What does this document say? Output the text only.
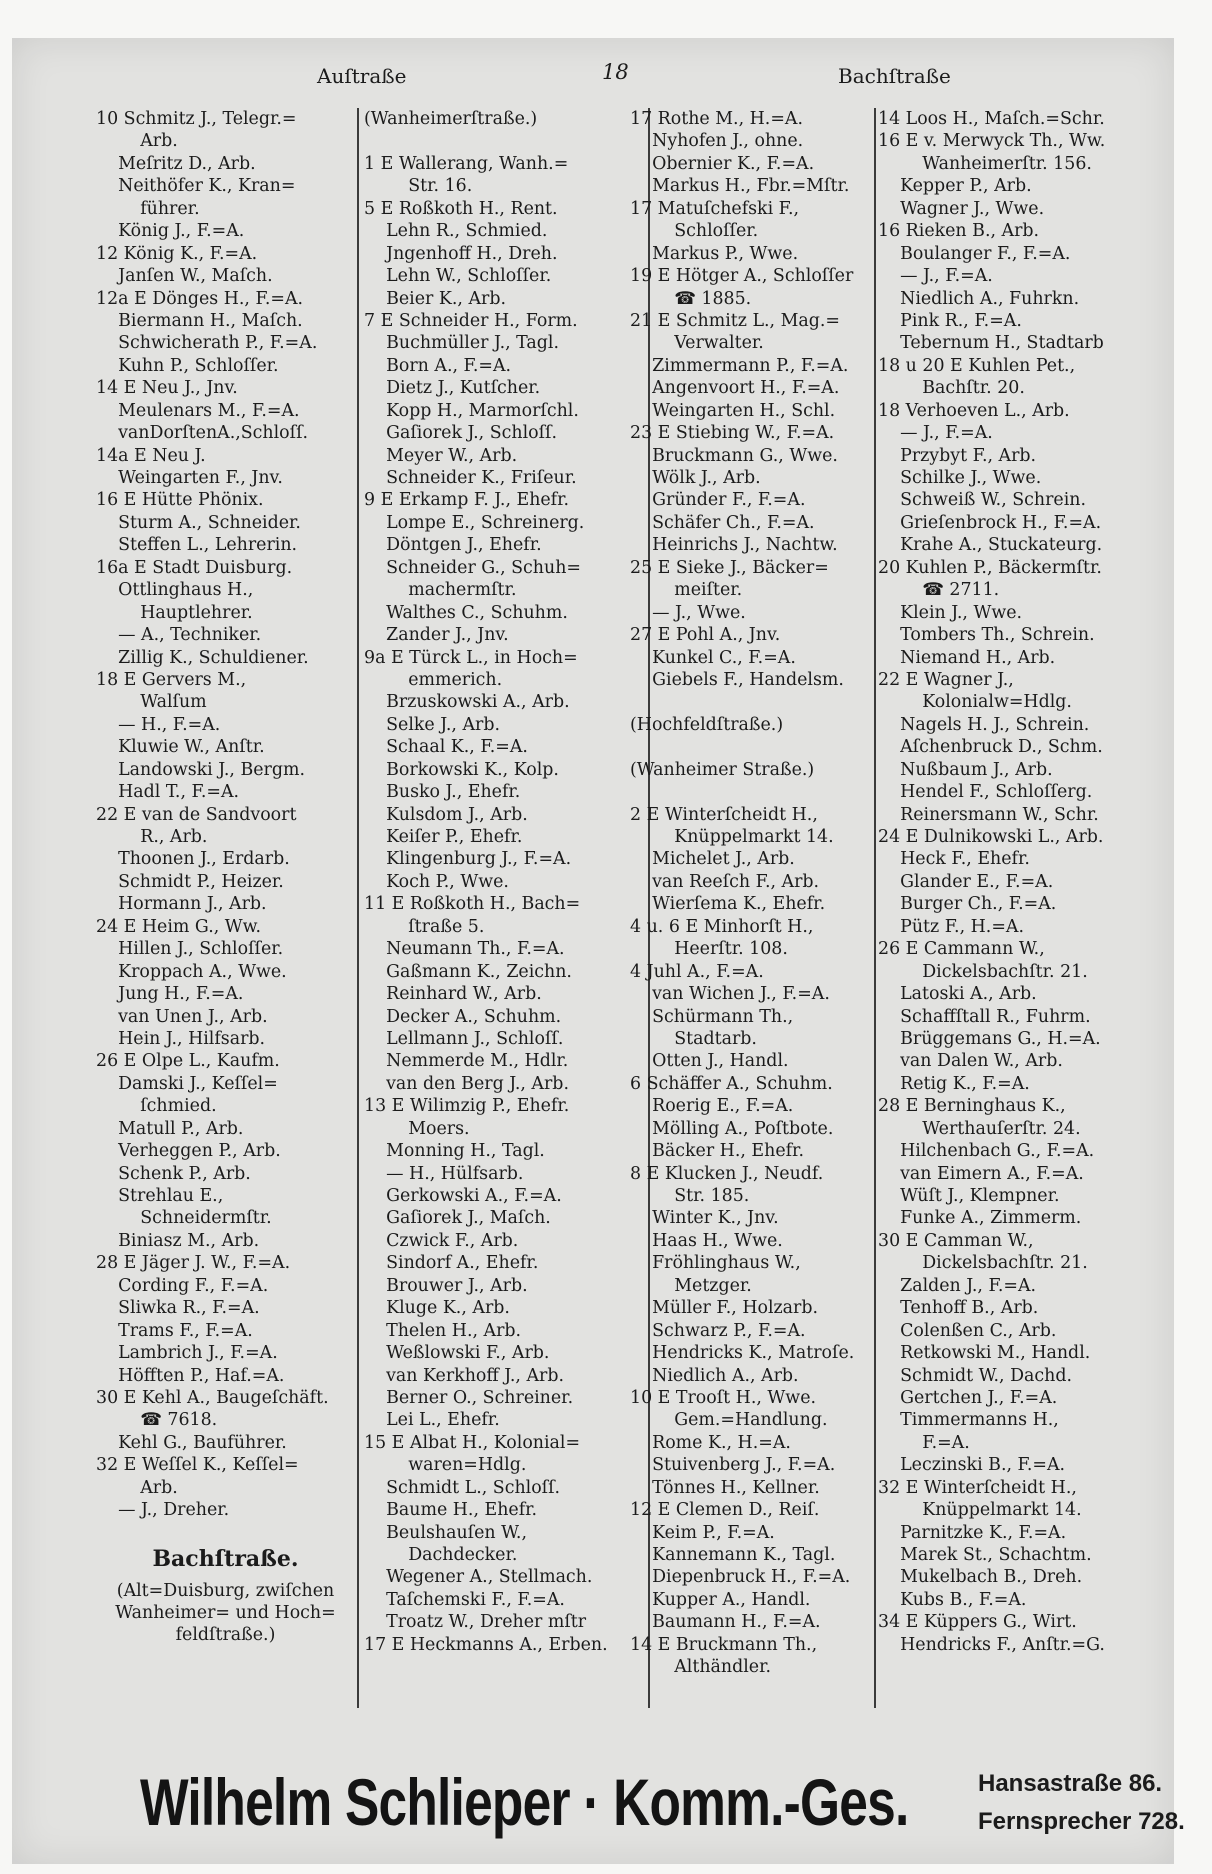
Auſtraße	18	Bachſtraße
10 Schmitz J., Telegr.=
Arb.
Meſritz D., Arb.
Neithöfer K., Kran=
führer.
König J., F.=A.
12 König K., F.=A.
Janſen W., Maſch.
12a E Dönges H., F.=A.
Biermann H., Maſch.
Schwicherath P., F.=A.
Kuhn P., Schloſſer.
14 E Neu J., Jnv.
Meulenars M., F.=A.
vanDorſtenA.,Schloſſ.
14a E Neu J.
Weingarten F., Jnv.
16 E Hütte Phönix.
Sturm A., Schneider.
Steffen L., Lehrerin.
16a E Stadt Duisburg.
Ottlinghaus H.,
Hauptlehrer.
— A., Techniker.
Zillig K., Schuldiener.
18 E Gervers M.,
Walſum
— H., F.=A.
Kluwie W., Anſtr.
Landowski J., Bergm.
Hadl T., F.=A.
22 E van de Sandvoort
R., Arb.
Thoonen J., Erdarb.
Schmidt P., Heizer.
Hormann J., Arb.
24 E Heim G., Ww.
Hillen J., Schloſſer.
Kroppach A., Wwe.
Jung H., F.=A.
van Unen J., Arb.
Hein J., Hilfsarb.
26 E Olpe L., Kaufm.
Damski J., Keſſel=
ſchmied.
Matull P., Arb.
Verheggen P., Arb.
Schenk P., Arb.
Strehlau E.,
Schneidermſtr.
Biniasz M., Arb.
28 E Jäger J. W., F.=A.
Cording F., F.=A.
Sliwka R., F.=A.
Trams F., F.=A.
Lambrich J., F.=A.
Höfften P., Haf.=A.
30 E Kehl A., Baugeſchäft.
☎ 7618.
Kehl G., Bauführer.
32 E Weſſel K., Keſſel=
Arb.
— J., Dreher.
Bachſtraße.
(Alt=Duisburg, zwiſchen
Wanheimer= und Hoch=
feldſtraße.)
(Wanheimerſtraße.)
1 E Wallerang, Wanh.=
Str. 16.
5 E Roßkoth H., Rent.
Lehn R., Schmied.
Jngenhoff H., Dreh.
Lehn W., Schloſſer.
Beier K., Arb.
7 E Schneider H., Form.
Buchmüller J., Tagl.
Born A., F.=A.
Dietz J., Kutſcher.
Kopp H., Marmorſchl.
Gaſiorek J., Schloſſ.
Meyer W., Arb.
Schneider K., Friſeur.
9 E Erkamp F. J., Ehefr.
Lompe E., Schreinerg.
Döntgen J., Ehefr.
Schneider G., Schuh=
machermſtr.
Walthes C., Schuhm.
Zander J., Jnv.
9a E Türck L., in Hoch=
emmerich.
Brzuskowski A., Arb.
Selke J., Arb.
Schaal K., F.=A.
Borkowski K., Kolp.
Busko J., Ehefr.
Kulsdom J., Arb.
Keiſer P., Ehefr.
Klingenburg J., F.=A.
Koch P., Wwe.
11 E Roßkoth H., Bach=
ſtraße 5.
Neumann Th., F.=A.
Gaßmann K., Zeichn.
Reinhard W., Arb.
Decker A., Schuhm.
Lellmann J., Schloſſ.
Nemmerde M., Hdlr.
van den Berg J., Arb.
13 E Wilimzig P., Ehefr.
Moers.
Monning H., Tagl.
— H., Hülfsarb.
Gerkowski A., F.=A.
Gaſiorek J., Maſch.
Czwick F., Arb.
Sindorf A., Ehefr.
Brouwer J., Arb.
Kluge K., Arb.
Thelen H., Arb.
Weßlowski F., Arb.
van Kerkhoff J., Arb.
Berner O., Schreiner.
Lei L., Ehefr.
15 E Albat H., Kolonial=
waren=Hdlg.
Schmidt L., Schloſſ.
Baume H., Ehefr.
Beulshauſen W.,
Dachdecker.
Wegener A., Stellmach.
Taſchemski F., F.=A.
Troatz W., Dreher mſtr
17 E Heckmanns A., Erben.
17 Rothe M., H.=A.
Nyhofen J., ohne.
Obernier K., F.=A.
Markus H., Fbr.=Mſtr.
17 Matuſchefski F.,
Schloſſer.
Markus P., Wwe.
19 E Hötger A., Schloſſer
☎ 1885.
21 E Schmitz L., Mag.=
Verwalter.
Zimmermann P., F.=A.
Angenvoort H., F.=A.
Weingarten H., Schl.
23 E Stiebing W., F.=A.
Bruckmann G., Wwe.
Wölk J., Arb.
Gründer F., F.=A.
Schäfer Ch., F.=A.
Heinrichs J., Nachtw.
25 E Sieke J., Bäcker=
meiſter.
— J., Wwe.
27 E Pohl A., Jnv.
Kunkel C., F.=A.
Giebels F., Handelsm.
(Hochfeldſtraße.)
(Wanheimer Straße.)
2 E Winterſcheidt H.,
Knüppelmarkt 14.
Michelet J., Arb.
van Reeſch F., Arb.
Wierſema K., Ehefr.
4 u. 6 E Minhorſt H.,
Heerſtr. 108.
4 Juhl A., F.=A.
van Wichen J., F.=A.
Schürmann Th.,
Stadtarb.
Otten J., Handl.
6 Schäffer A., Schuhm.
Roerig E., F.=A.
Mölling A., Poſtbote.
Bäcker H., Ehefr.
8 E Klucken J., Neudf.
Str. 185.
Winter K., Jnv.
Haas H., Wwe.
Fröhlinghaus W.,
Metzger.
Müller F., Holzarb.
Schwarz P., F.=A.
Hendricks K., Matroſe.
Niedlich A., Arb.
10 E Trooſt H., Wwe.
Gem.=Handlung.
Rome K., H.=A.
Stuivenberg J., F.=A.
Tönnes H., Kellner.
12 E Clemen D., Reiſ.
Keim P., F.=A.
Kannemann K., Tagl.
Diepenbruck H., F.=A.
Kupper A., Handl.
Baumann H., F.=A.
14 E Bruckmann Th.,
Althändler.
14 Loos H., Maſch.=Schr.
16 E v. Merwyck Th., Ww.
Wanheimerſtr. 156.
Kepper P., Arb.
Wagner J., Wwe.
16 Rieken B., Arb.
Boulanger F., F.=A.
— J., F.=A.
Niedlich A., Fuhrkn.
Pink R., F.=A.
Tebernum H., Stadtarb
18 u 20 E Kuhlen Pet.,
Bachſtr. 20.
18 Verhoeven L., Arb.
— J., F.=A.
Przybyt F., Arb.
Schilke J., Wwe.
Schweiß W., Schrein.
Grieſenbrock H., F.=A.
Krahe A., Stuckateurg.
20 Kuhlen P., Bäckermſtr.
☎ 2711.
Klein J., Wwe.
Tombers Th., Schrein.
Niemand H., Arb.
22 E Wagner J.,
Kolonialw=Hdlg.
Nagels H. J., Schrein.
Aſchenbruck D., Schm.
Nußbaum J., Arb.
Hendel F., Schloſſerg.
Reinersmann W., Schr.
24 E Dulnikowski L., Arb.
Heck F., Ehefr.
Glander E., F.=A.
Burger Ch., F.=A.
Pütz F., H.=A.
26 E Cammann W.,
Dickelsbachſtr. 21.
Latoski A., Arb.
Schaffſtall R., Fuhrm.
Brüggemans G., H.=A.
van Dalen W., Arb.
Retig K., F.=A.
28 E Berninghaus K.,
Werthauſerſtr. 24.
Hilchenbach G., F.=A.
van Eimern A., F.=A.
Wüſt J., Klempner.
Funke A., Zimmerm.
30 E Camman W.,
Dickelsbachſtr. 21.
Zalden J., F.=A.
Tenhoff B., Arb.
Colenßen C., Arb.
Retkowski M., Handl.
Schmidt W., Dachd.
Gertchen J., F.=A.
Timmermanns H.,
F.=A.
Leczinski B., F.=A.
32 E Winterſcheidt H.,
Knüppelmarkt 14.
Parnitzke K., F.=A.
Marek St., Schachtm.
Mukelbach B., Dreh.
Kubs B., F.=A.
34 E Küppers G., Wirt.
Hendricks F., Anſtr.=G.
Wilhelm Schlieper · Komm.-Ges.	Hansastraße 86.
Fernsprecher 728.
